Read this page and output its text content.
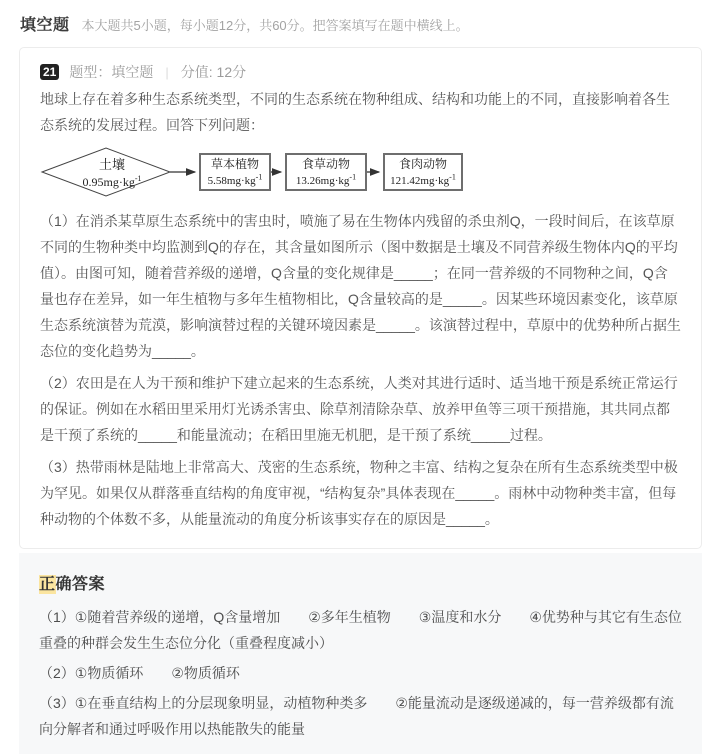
填空题 本大题共5小题，每小题12分，共60分。把答案填写在题中横线上。
21 题型：填空题 | 分值: 12分

地球上存在着多种生态系统类型，不同的生态系统在物种组成、结构和功能上的不同，直接影响着各生态系统的发展过程。回答下列问题：

土壤
$0.95mg\cdot kg^{-1}$
草本植物
$5.58mg\cdot kg^{-1}$
食草动物
$13.26mg\cdot kg^{-1}$
食肉动物
$121.42mg\cdot kg^{-1}$

（1）在消杀某草原生态系统中的害虫时，喷施了易在生物体内残留的杀虫剂Q，一段时间后，在该草原不同的生物种类中均监测到Q的存在，其含量如图所示（图中数据是土壤及不同营养级生物体内Q的平均值）。由图可知，随着营养级的递增，Q含量的变化规律是_____；在同一营养级的不同物种之间，Q含量也存在差异，如一年生植物与多年生植物相比，Q含量较高的是_____。因某些环境因素变化，该草原生态系统演替为荒漠，影响演替过程的关键环境因素是_____。该演替过程中，草原中的优势种所占据生态位的变化趋势为_____。

（2）农田是在人为干预和维护下建立起来的生态系统，人类对其进行适时、适当地干预是系统正常运行的保证。例如在水稻田里采用灯光诱杀害虫、除草剂清除杂草、放养甲鱼等三项干预措施，其共同点都是干预了系统的_____和能量流动；在稻田里施无机肥，是干预了系统_____过程。

（3）热带雨林是陆地上非常高大、茂密的生态系统，物种之丰富、结构之复杂在所有生态系统类型中极为罕见。如果仅从群落垂直结构的角度审视，“结构复杂”具体表现在_____。雨林中动物种类丰富，但每种动物的个体数不多，从能量流动的角度分析该事实存在的原因是_____。

正确答案

（1）①随着营养级的递增，Q含量增加　　②多年生植物　　③温度和水分　　④优势种与其它有生态位重叠的种群会发生生态位分化（重叠程度减小）

（2）①物质循环　　②物质循环

（3）①在垂直结构上的分层现象明显，动植物种类多　　②能量流动是逐级递减的，每一营养级都有流向分解者和通过呼吸作用以热能散失的能量
